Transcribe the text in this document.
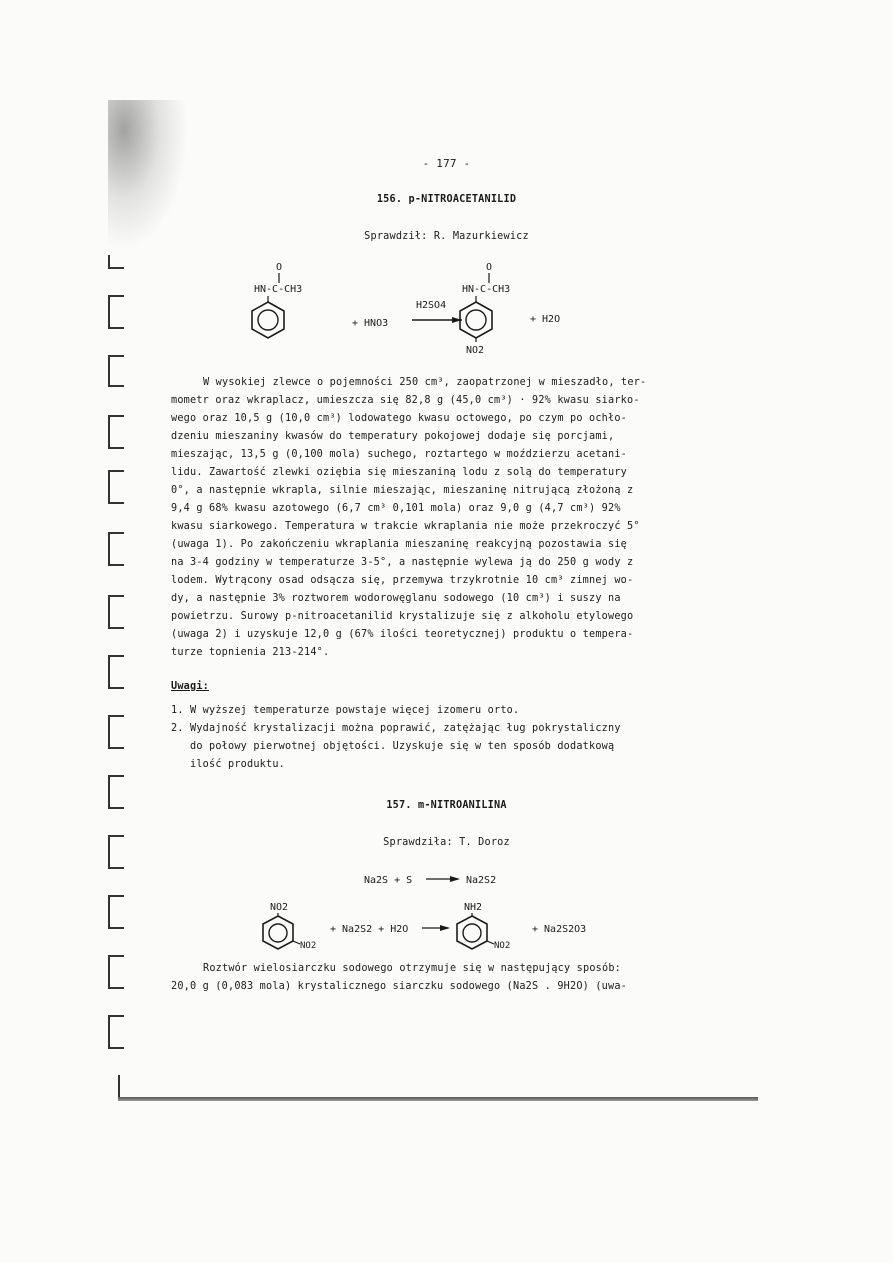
- 177 -
156. p-NITROACETANILID
Sprawdził: R. Mazurkiewicz
O
HN-C-CH3
+ HNO3
H2SO4
O
HN-C-CH3
NO2
+ H2O
W wysokiej zlewce o pojemności 250 cm³, zaopatrzonej w mieszadło, ter-
mometr oraz wkraplacz, umieszcza się 82,8 g (45,0 cm³) · 92% kwasu siarko-
wego oraz 10,5 g (10,0 cm³) lodowatego kwasu octowego, po czym po ochło-
dzeniu mieszaniny kwasów do temperatury pokojowej dodaje się porcjami,
mieszając, 13,5 g (0,100 mola) suchego, roztartego w moździerzu acetani-
lidu. Zawartość zlewki oziębia się mieszaniną lodu z solą do temperatury
0°, a następnie wkrapla, silnie mieszając, mieszaninę nitrującą złożoną z
9,4 g 68% kwasu azotowego (6,7 cm³ 0,101 mola) oraz 9,0 g (4,7 cm³) 92%
kwasu siarkowego. Temperatura w trakcie wkraplania nie może przekroczyć 5°
(uwaga 1). Po zakończeniu wkraplania mieszaninę reakcyjną pozostawia się
na 3-4 godziny w temperaturze 3-5°, a następnie wylewa ją do 250 g wody z
lodem. Wytrącony osad odsącza się, przemywa trzykrotnie 10 cm³ zimnej wo-
dy, a następnie 3% roztworem wodorowęglanu sodowego (10 cm³) i suszy na
powietrzu. Surowy p-nitroacetanilid krystalizuje się z alkoholu etylowego
(uwaga 2) i uzyskuje 12,0 g (67% ilości teoretycznej) produktu o tempera-
turze topnienia 213-214°.
Uwagi:
1. W wyższej temperaturze powstaje więcej izomeru orto.
2. Wydajność krystalizacji można poprawić, zatężając ług pokrystaliczny
do połowy pierwotnej objętości. Uzyskuje się w ten sposób dodatkową
ilość produktu.
157. m-NITROANILINA
Sprawdziła: T. Doroz
Na2S + S	Na2S2
NO2
NO2
+ Na2S2 + H2O
NH2
NO2
+ Na2S2O3
Roztwór wielosiarczku sodowego otrzymuje się w następujący sposób:
20,0 g (0,083 mola) krystalicznego siarczku sodowego (Na2S . 9H2O) (uwa-
